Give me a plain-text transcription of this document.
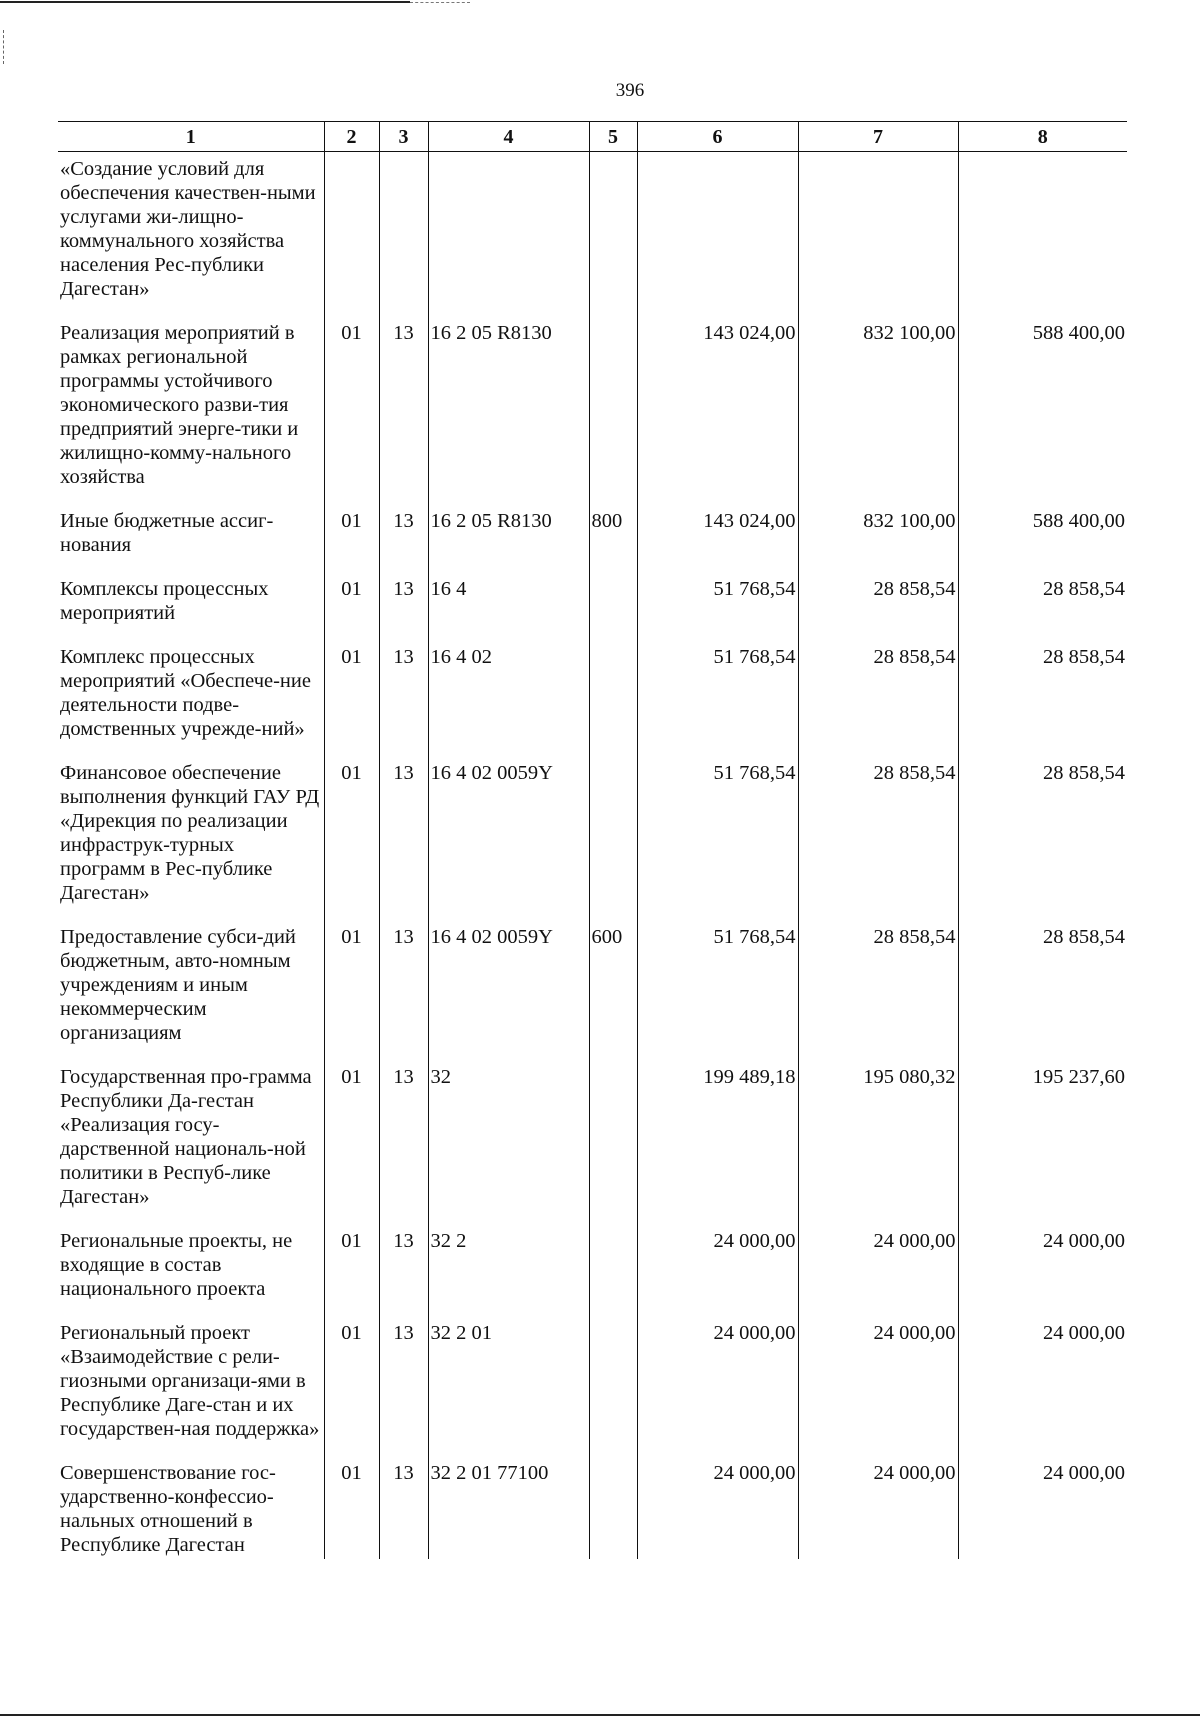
396
1	2	3	4	5	6	7	8
«Создание условий для обеспечения качествен-ными услугами жи-лищно-коммунального хозяйства населения Рес-публики Дагестан»							
Реализация мероприятий в рамках региональной программы устойчивого экономического разви-тия предприятий энерге-тики и жилищно-комму-нального хозяйства	01	13	16 2 05 R8130		143 024,00	832 100,00	588 400,00
Иные бюджетные ассиг-нования	01	13	16 2 05 R8130	800	143 024,00	832 100,00	588 400,00
Комплексы процессных мероприятий	01	13	16 4		51 768,54	28 858,54	28 858,54
Комплекс процессных мероприятий «Обеспече-ние деятельности подве-домственных учрежде-ний»	01	13	16 4 02		51 768,54	28 858,54	28 858,54
Финансовое обеспечение выполнения функций ГАУ РД «Дирекция по реализации инфраструк-турных программ в Рес-публике Дагестан»	01	13	16 4 02 0059Y		51 768,54	28 858,54	28 858,54
Предоставление субси-дий бюджетным, авто-номным учреждениям и иным некоммерческим организациям	01	13	16 4 02 0059Y	600	51 768,54	28 858,54	28 858,54
Государственная про-грамма Республики Да-гестан «Реализация госу-дарственной националь-ной политики в Респуб-лике Дагестан»	01	13	32		199 489,18	195 080,32	195 237,60
Региональные проекты, не входящие в состав национального проекта	01	13	32 2		24 000,00	24 000,00	24 000,00
Региональный проект «Взаимодействие с рели-гиозными организаци-ями в Республике Даге-стан и их государствен-ная поддержка»	01	13	32 2 01		24 000,00	24 000,00	24 000,00
Совершенствование гос-ударственно-конфессио-нальных отношений в Республике Дагестан	01	13	32 2 01 77100		24 000,00	24 000,00	24 000,00
